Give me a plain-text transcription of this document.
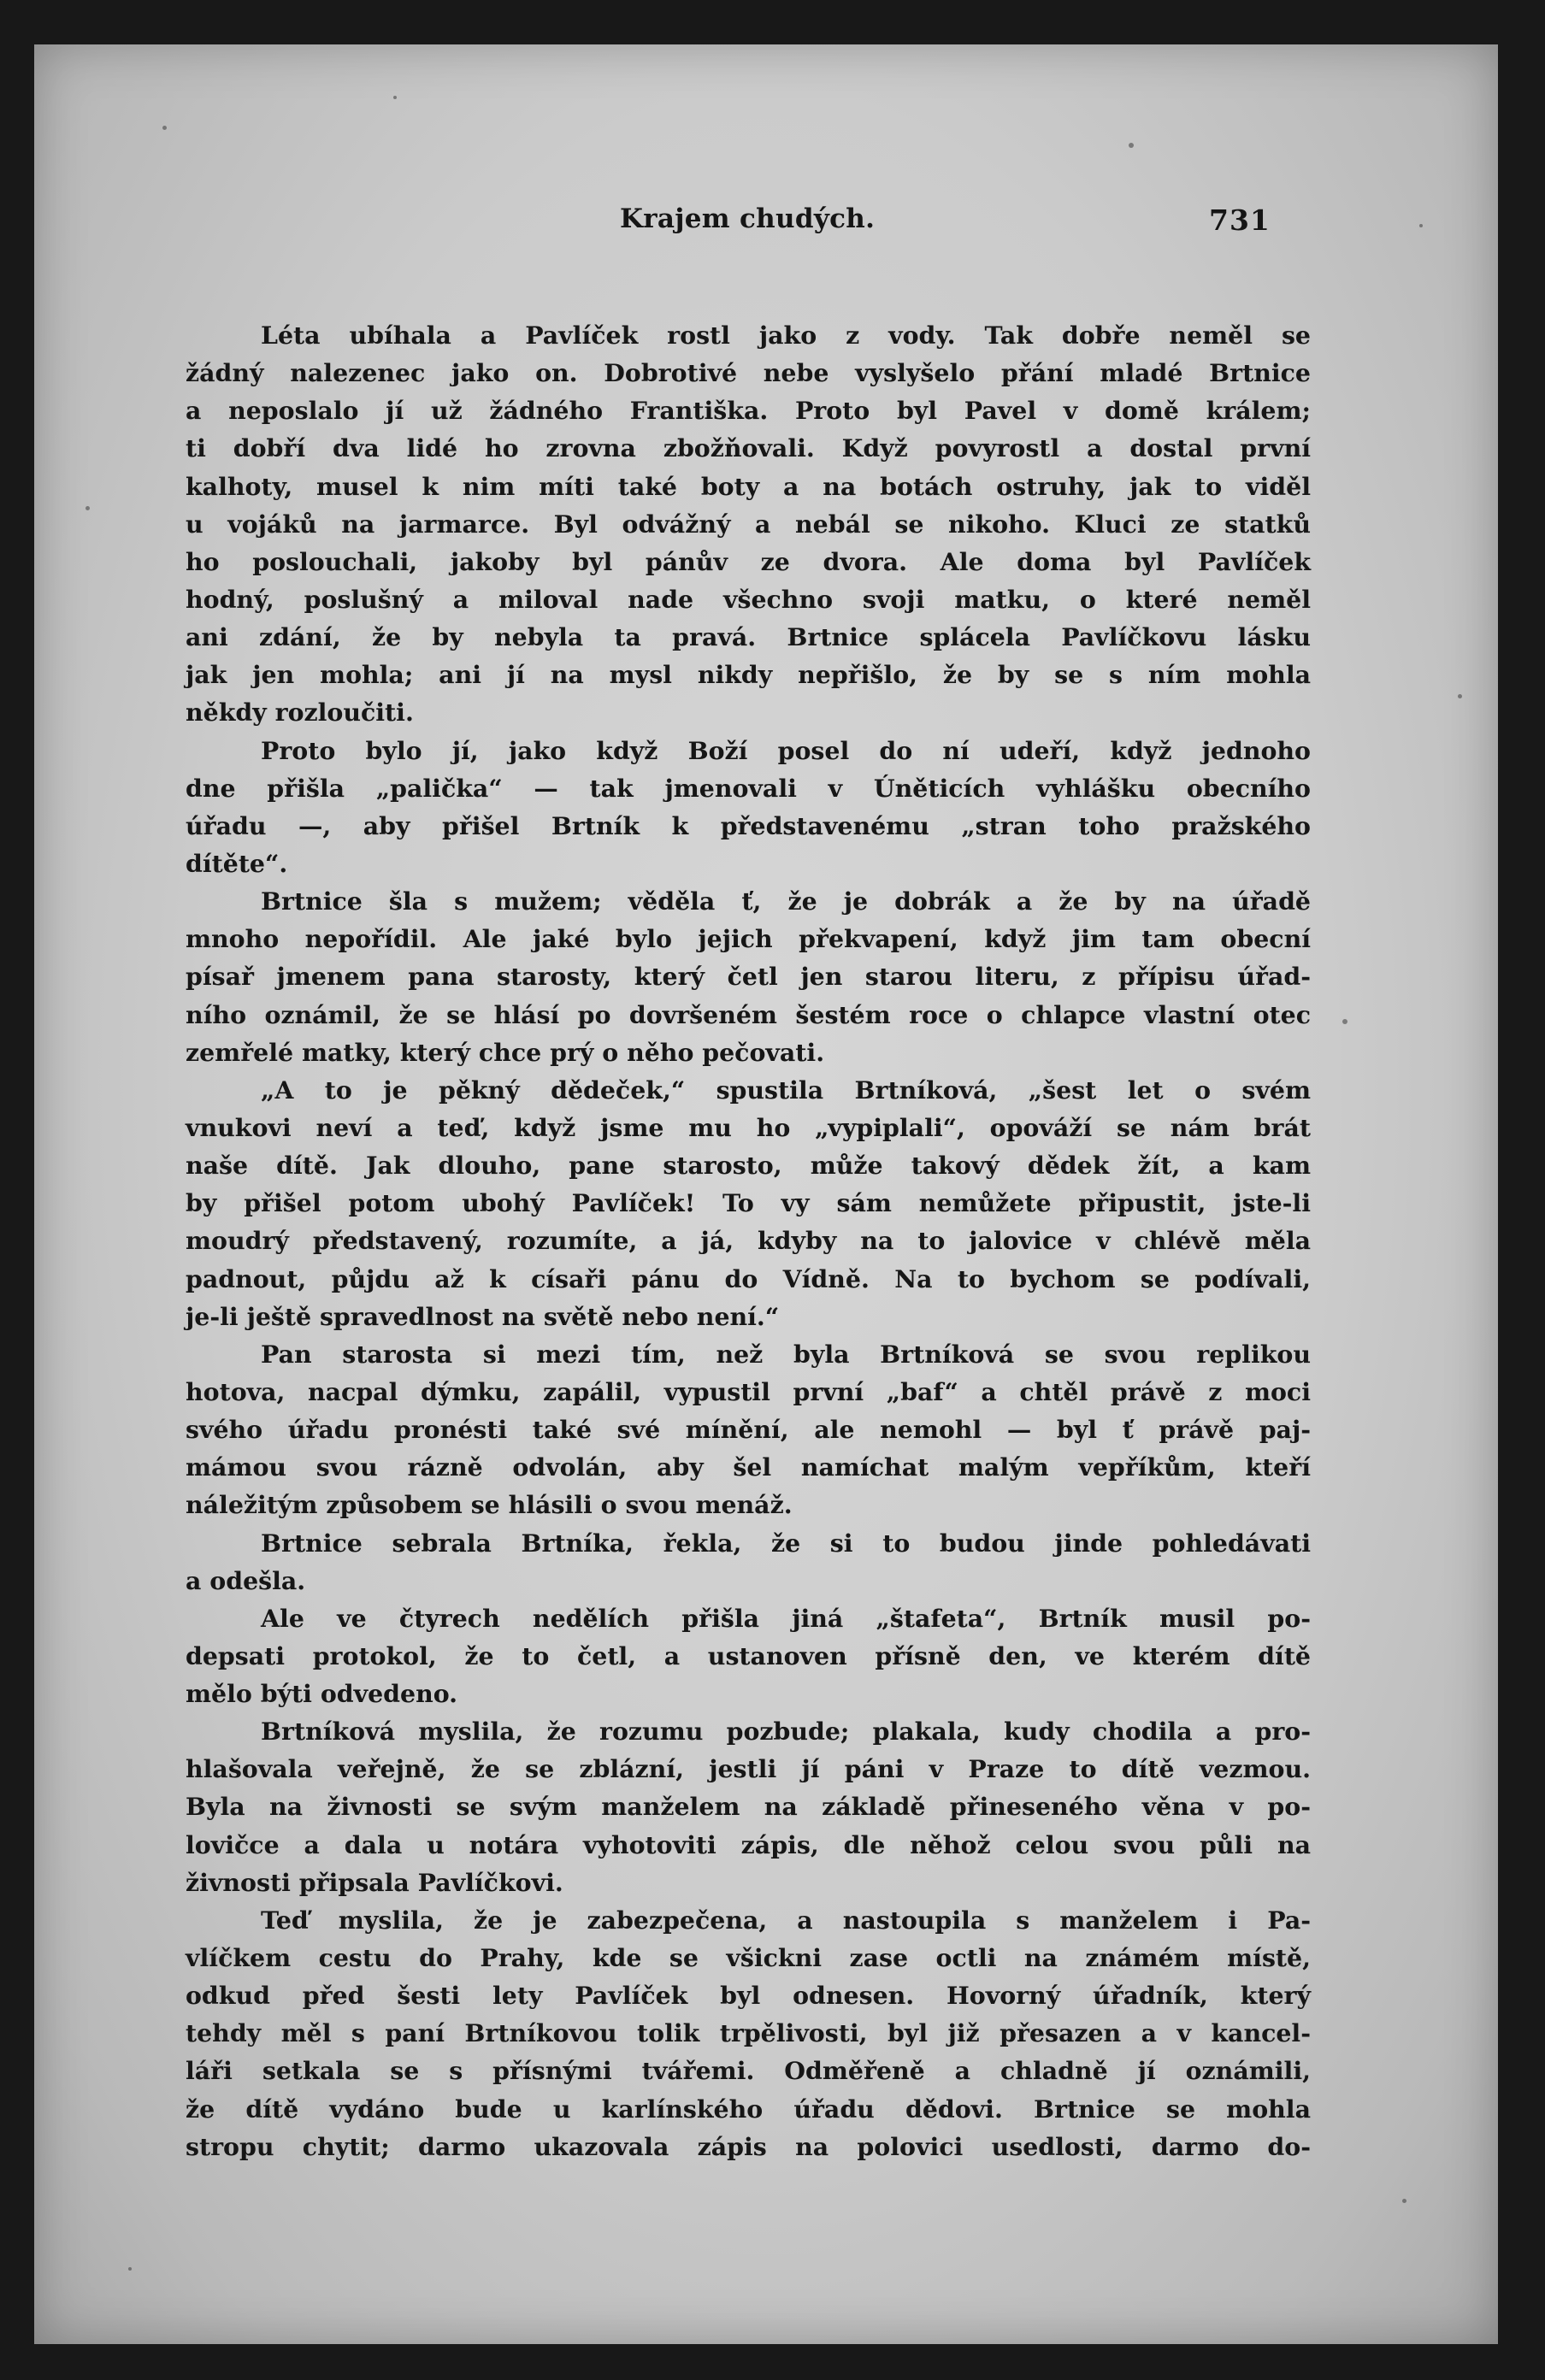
Krajem chudých.	731

Léta ubíhala a Pavlíček rostl jako z vody. Tak dobře neměl se
žádný nalezenec jako on. Dobrotivé nebe vyslyšelo přání mladé Brtnice
a neposlalo jí už žádného Františka. Proto byl Pavel v domě králem;
ti dobří dva lidé ho zrovna zbožňovali. Když povyrostl a dostal první
kalhoty, musel k nim míti také boty a na botách ostruhy, jak to viděl
u vojáků na jarmarce. Byl odvážný a nebál se nikoho. Kluci ze statků
ho poslouchali, jakoby byl pánův ze dvora. Ale doma byl Pavlíček
hodný, poslušný a miloval nade všechno svoji matku, o které neměl
ani zdání, že by nebyla ta pravá. Brtnice splácela Pavlíčkovu lásku
jak jen mohla; ani jí na mysl nikdy nepřišlo, že by se s ním mohla
někdy rozloučiti.

Proto bylo jí, jako když Boží posel do ní udeří, když jednoho
dne přišla „palička“ — tak jmenovali v Úněticích vyhlášku obecního
úřadu —, aby přišel Brtník k představenému „stran toho pražského
dítěte“.

Brtnice šla s mužem; věděla ť, že je dobrák a že by na úřadě
mnoho nepořídil. Ale jaké bylo jejich překvapení, když jim tam obecní
písař jmenem pana starosty, který četl jen starou literu, z přípisu úřad-
ního oznámil, že se hlásí po dovršeném šestém roce o chlapce vlastní otec
zemřelé matky, který chce prý o něho pečovati.

„A to je pěkný dědeček,“ spustila Brtníková, „šest let o svém
vnukovi neví a teď, když jsme mu ho „vypiplali“, opováží se nám brát
naše dítě. Jak dlouho, pane starosto, může takový dědek žít, a kam
by přišel potom ubohý Pavlíček! To vy sám nemůžete připustit, jste-li
moudrý představený, rozumíte, a já, kdyby na to jalovice v chlévě měla
padnout, půjdu až k císaři pánu do Vídně. Na to bychom se podívali,
je-li ještě spravedlnost na světě nebo není.“

Pan starosta si mezi tím, než byla Brtníková se svou replikou
hotova, nacpal dýmku, zapálil, vypustil první „baf“ a chtěl právě z moci
svého úřadu pronésti také své mínění, ale nemohl — byl ť právě paj-
mámou svou rázně odvolán, aby šel namíchat malým vepříkům, kteří
náležitým způsobem se hlásili o svou menáž.

Brtnice sebrala Brtníka, řekla, že si to budou jinde pohledávati
a odešla.

Ale ve čtyrech nedělích přišla jiná „štafeta“, Brtník musil po-
depsati protokol, že to četl, a ustanoven přísně den, ve kterém dítě
mělo býti odvedeno.

Brtníková myslila, že rozumu pozbude; plakala, kudy chodila a pro-
hlašovala veřejně, že se zblázní, jestli jí páni v Praze to dítě vezmou.
Byla na živnosti se svým manželem na základě přineseného věna v po-
lovičce a dala u notára vyhotoviti zápis, dle něhož celou svou půli na
živnosti připsala Pavlíčkovi.

Teď myslila, že je zabezpečena, a nastoupila s manželem i Pa-
vlíčkem cestu do Prahy, kde se všickni zase octli na známém místě,
odkud před šesti lety Pavlíček byl odnesen. Hovorný úřadník, který
tehdy měl s paní Brtníkovou tolik trpělivosti, byl již přesazen a v kancel-
láři setkala se s přísnými tvářemi. Odměřeně a chladně jí oznámili,
že dítě vydáno bude u karlínského úřadu dědovi. Brtnice se mohla
stropu chytit; darmo ukazovala zápis na polovici usedlosti, darmo do-
